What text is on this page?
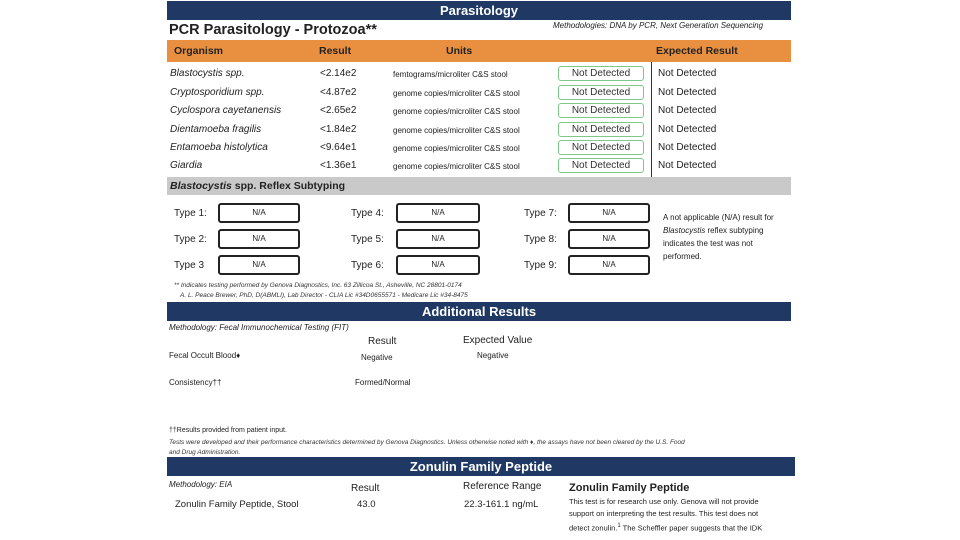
Parasitology
PCR Parasitology - Protozoa**	Methodologies: DNA by PCR, Next Generation Sequencing
Organism	Result	Units	Expected Result
Blastocystis spp.	<2.14e2	femtograms/microliter C&S stool	Not Detected	Not Detected
Cryptosporidium spp.	<4.87e2	genome copies/microliter C&S stool	Not Detected	Not Detected
Cyclospora cayetanensis	<2.65e2	genome copies/microliter C&S stool	Not Detected	Not Detected
Dientamoeba fragilis	<1.84e2	genome copies/microliter C&S stool	Not Detected	Not Detected
Entamoeba histolytica	<9.64e1	genome copies/microliter C&S stool	Not Detected	Not Detected
Giardia	<1.36e1	genome copies/microliter C&S stool	Not Detected	Not Detected
Blastocystis spp. Reflex Subtyping
Type 1:	N/A
Type 2:	N/A
Type 3	N/A
Type 4:	N/A
Type 5:	N/A
Type 6:	N/A
Type 7:	N/A
Type 8:	N/A
Type 9:	N/A
A not applicable (N/A) result for
Blastocystis reflex subtyping
indicates the test was not
performed.
** Indicates testing performed by Genova Diagnostics, Inc. 63 Zillicoa St., Asheville, NC 28801-0174
A. L. Peace Brewer, PhD, D(ABMLI), Lab Director - CLIA Lic #34D0655571 - Medicare Lic #34-8475
Additional Results
Methodology: Fecal Immunochemical Testing (FIT)
Result	Expected Value
Fecal Occult Blood♦	Negative	Negative
Consistency††	Formed/Normal
††Results provided from patient input.
Tests were developed and their performance characteristics determined by Genova Diagnostics. Unless otherwise noted with ♦, the assays have not been cleared by the U.S. Food
and Drug Administration.
Zonulin Family Peptide
Methodology: EIA	Result	Reference Range
Zonulin Family Peptide, Stool	43.0	22.3-161.1 ng/mL
Zonulin Family Peptide
This test is for research use only. Genova will not provide
support on interpreting the test results. This test does not
detect zonulin.$^1$ The Scheffler paper suggests that the IDK
